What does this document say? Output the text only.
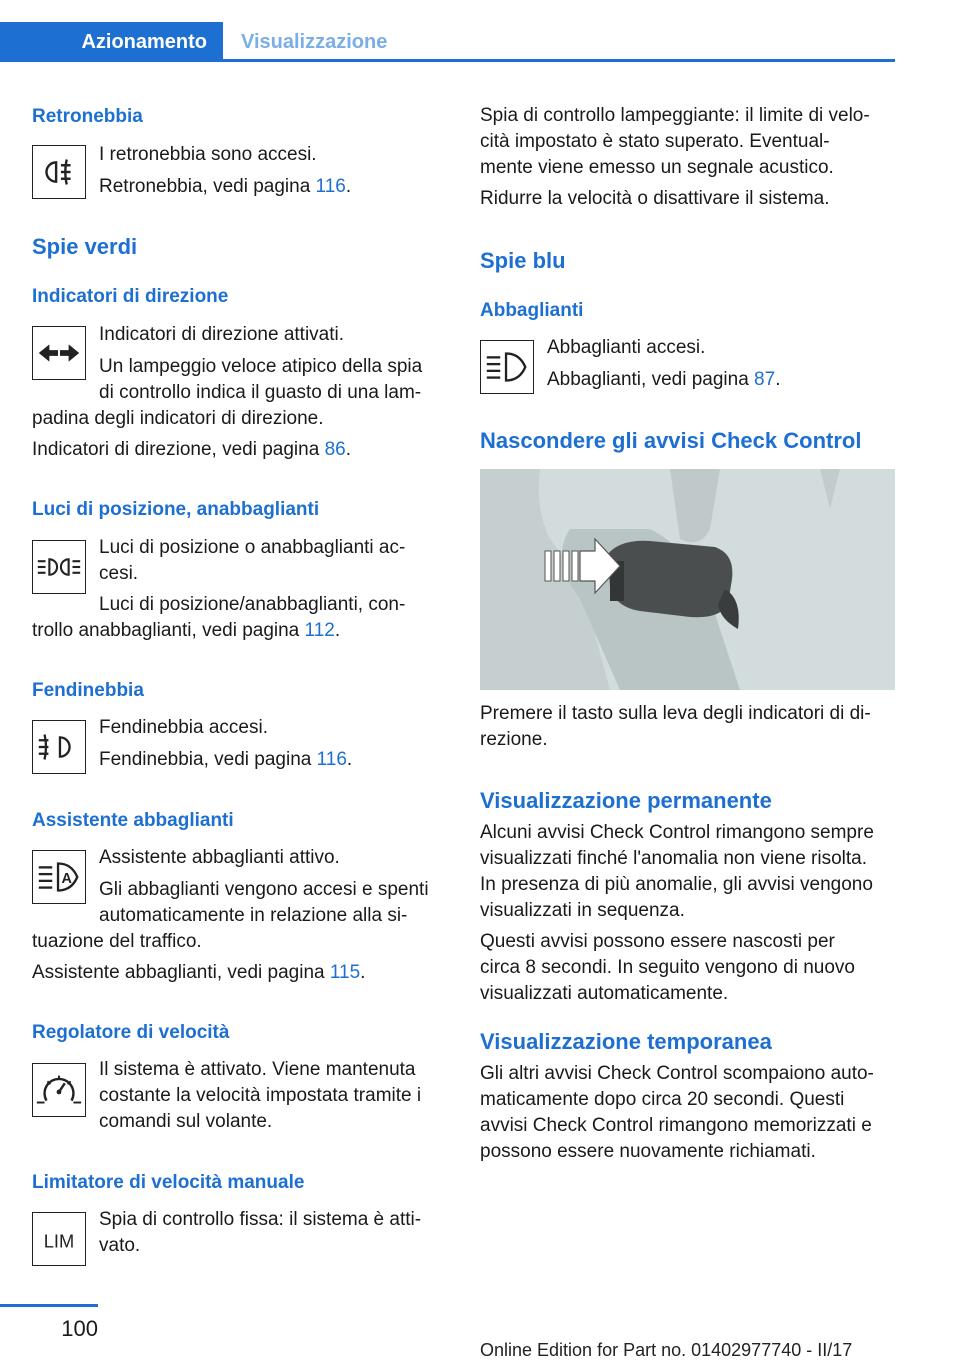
Azionamento	Visualizzazione
Retronebbia
I retronebbia sono accesi.
Retronebbia, vedi pagina 116.
Spie verdi
Indicatori di direzione
Indicatori di direzione attivati.
Un lampeggio veloce atipico della spia
di controllo indica il guasto di una lam‐
padina degli indicatori di direzione.
Indicatori di direzione, vedi pagina 86.
Luci di posizione, anabbaglianti
Luci di posizione o anabbaglianti ac‐
cesi.
Luci di posizione/anabbaglianti, con‐
trollo anabbaglianti, vedi pagina 112.
Fendinebbia
Fendinebbia accesi.
Fendinebbia, vedi pagina 116.
Assistente abbaglianti
A
Assistente abbaglianti attivo.
Gli abbaglianti vengono accesi e spenti
automaticamente in relazione alla si‐
tuazione del traffico.
Assistente abbaglianti, vedi pagina 115.
Regolatore di velocità
Il sistema è attivato. Viene mantenuta
costante la velocità impostata tramite i
comandi sul volante.
Limitatore di velocità manuale
LIM
Spia di controllo fissa: il sistema è atti‐
vato.
Spia di controllo lampeggiante: il limite di velo‐
cità impostato è stato superato. Eventual‐
mente viene emesso un segnale acustico.
Ridurre la velocità o disattivare il sistema.
Spie blu
Abbaglianti
Abbaglianti accesi.
Abbaglianti, vedi pagina 87.
Nascondere gli avvisi Check Control
Premere il tasto sulla leva degli indicatori di di‐
rezione.
Visualizzazione permanente
Alcuni avvisi Check Control rimangono sempre
visualizzati finché l'anomalia non viene risolta.
In presenza di più anomalie, gli avvisi vengono
visualizzati in sequenza.
Questi avvisi possono essere nascosti per
circa 8 secondi. In seguito vengono di nuovo
visualizzati automaticamente.
Visualizzazione temporanea
Gli altri avvisi Check Control scompaiono auto‐
maticamente dopo circa 20 secondi. Questi
avvisi Check Control rimangono memorizzati e
possono essere nuovamente richiamati.
100
Online Edition for Part no. 01402977740 - II/17
